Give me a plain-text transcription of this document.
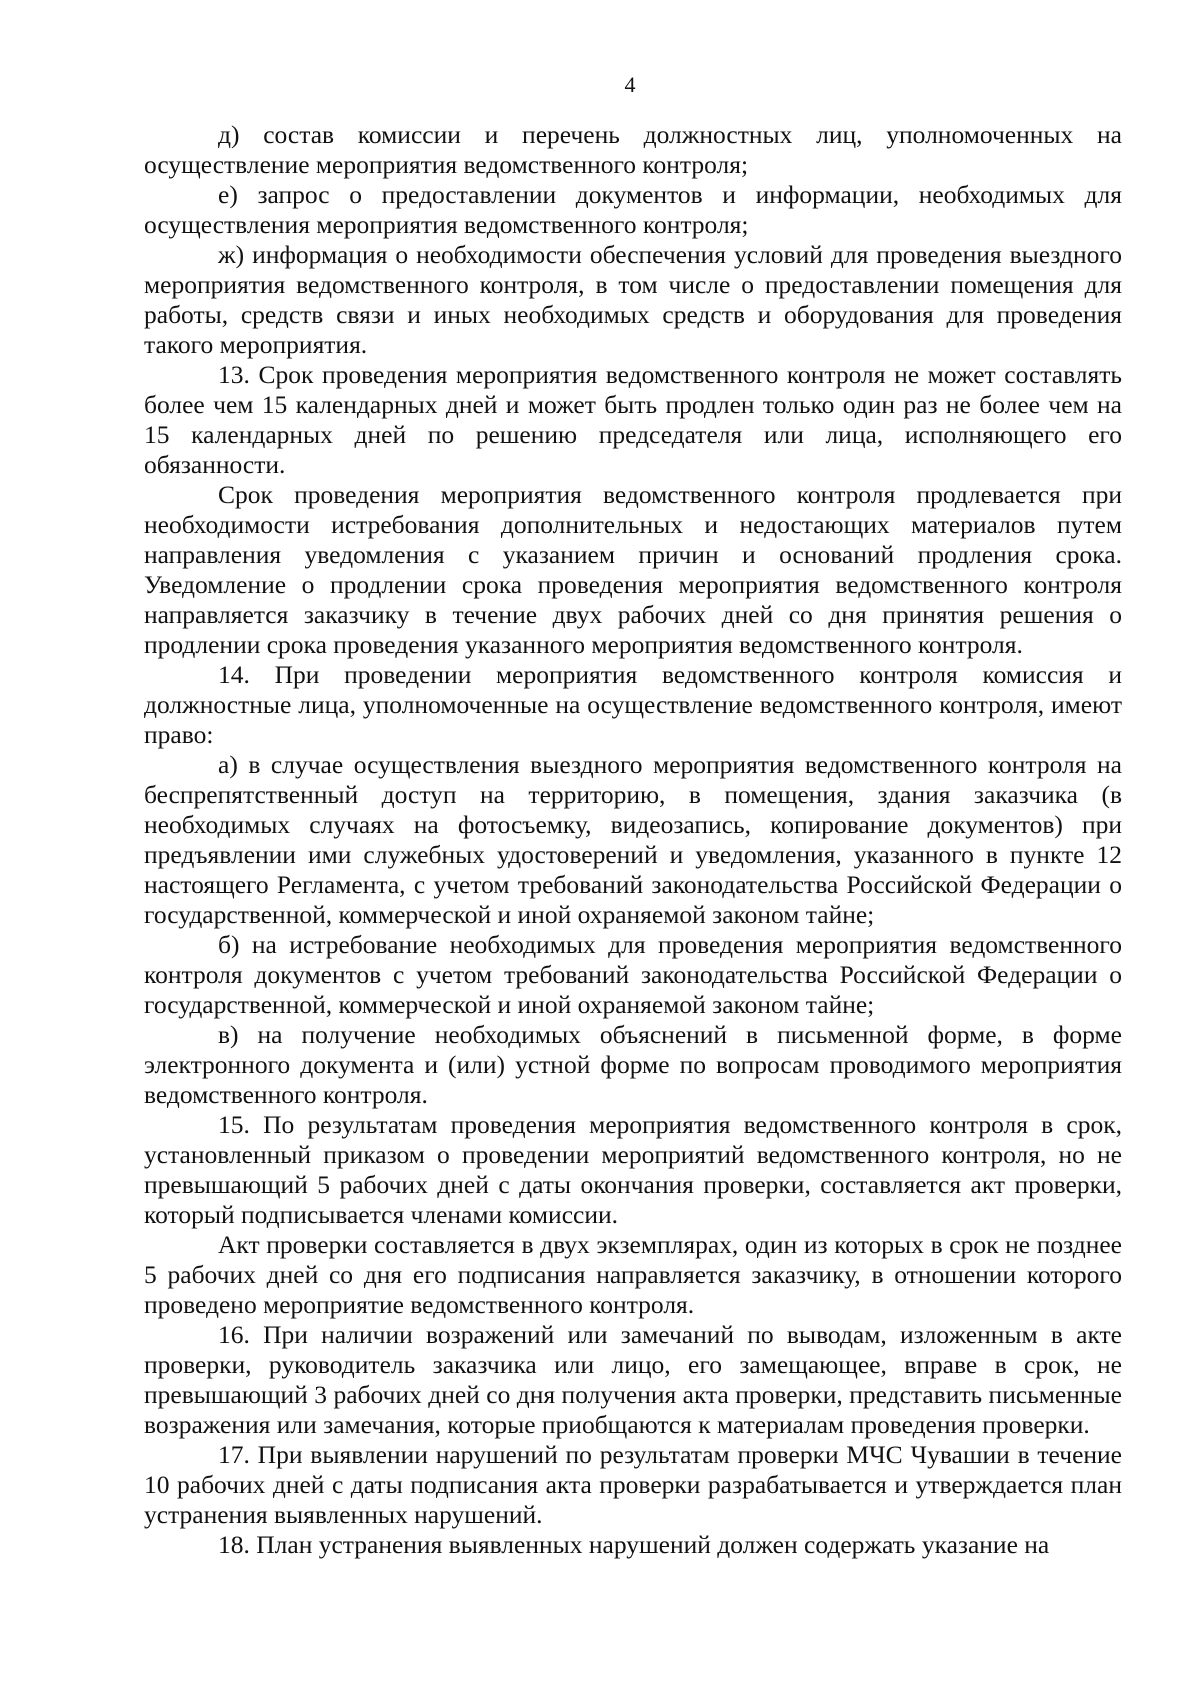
4

д) состав комиссии и перечень должностных лиц, уполномоченных на осуществление мероприятия ведомственного контроля;

е) запрос о предоставлении документов и информации, необходимых для осуществления мероприятия ведомственного контроля;

ж) информация о необходимости обеспечения условий для проведения выездного мероприятия ведомственного контроля, в том числе о предоставлении помещения для работы, средств связи и иных необходимых средств и оборудования для проведения такого мероприятия.

13. Срок проведения мероприятия ведомственного контроля не может составлять более чем 15 календарных дней и может быть продлен только один раз не более чем на 15 календарных дней по решению председателя или лица, исполняющего его обязанности.

Срок проведения мероприятия ведомственного контроля продлевается при необходимости истребования дополнительных и недостающих материалов путем направления уведомления с указанием причин и оснований продления срока. Уведомление о продлении срока проведения мероприятия ведомственного контроля направляется заказчику в течение двух рабочих дней со дня принятия решения о продлении срока проведения указанного мероприятия ведомственного контроля.

14. При проведении мероприятия ведомственного контроля комиссия и должностные лица, уполномоченные на осуществление ведомственного контроля, имеют право:

а) в случае осуществления выездного мероприятия ведомственного контроля на беспрепятственный доступ на территорию, в помещения, здания заказчика (в необходимых случаях на фотосъемку, видеозапись, копирование документов) при предъявлении ими служебных удостоверений и уведомления, указанного в пункте 12 настоящего Регламента, с учетом требований законодательства Российской Федерации о государственной, коммерческой и иной охраняемой законом тайне;

б) на истребование необходимых для проведения мероприятия ведомственного контроля документов с учетом требований законодательства Российской Федерации о государственной, коммерческой и иной охраняемой законом тайне;

в) на получение необходимых объяснений в письменной форме, в форме электронного документа и (или) устной форме по вопросам проводимого мероприятия ведомственного контроля.

15. По результатам проведения мероприятия ведомственного контроля в срок, установленный приказом о проведении мероприятий ведомственного контроля, но не превышающий 5 рабочих дней с даты окончания проверки, составляется акт проверки, который подписывается членами комиссии.

Акт проверки составляется в двух экземплярах, один из которых в срок не позднее 5 рабочих дней со дня его подписания направляется заказчику, в отношении которого проведено мероприятие ведомственного контроля.

16. При наличии возражений или замечаний по выводам, изложенным в акте проверки, руководитель заказчика или лицо, его замещающее, вправе в срок, не превышающий 3 рабочих дней со дня получения акта проверки, представить письменные возражения или замечания, которые приобщаются к материалам проведения проверки.

17. При выявлении нарушений по результатам проверки МЧС Чувашии в течение 10 рабочих дней с даты подписания акта проверки разрабатывается и утверждается план устранения выявленных нарушений.

18. План устранения выявленных нарушений должен содержать указание на
